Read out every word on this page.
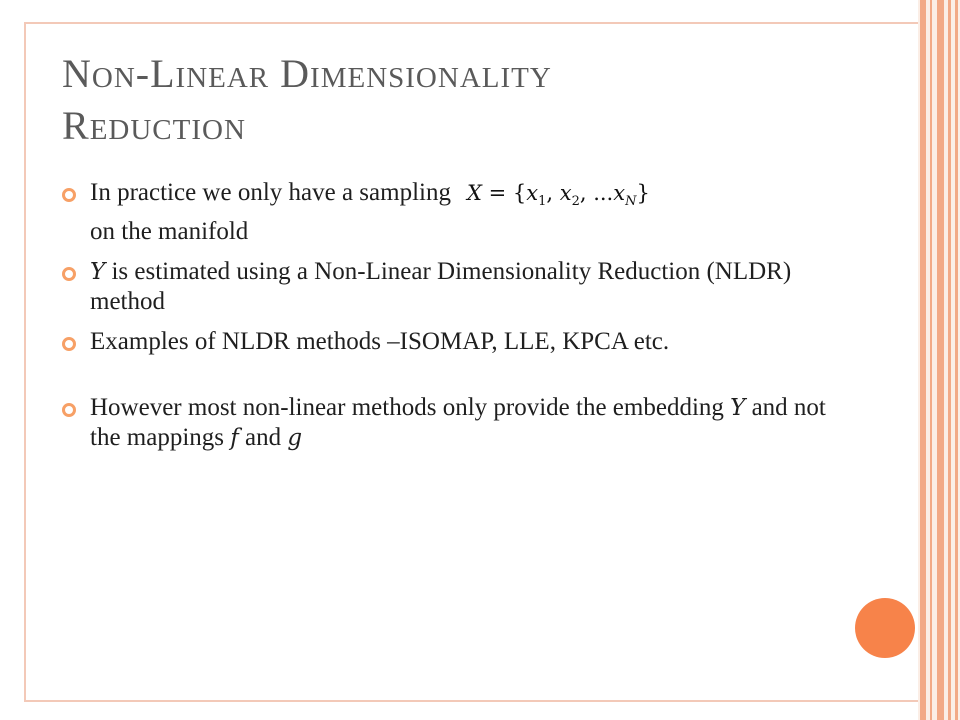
NON-LINEAR DIMENSIONALITY
REDUCTION
In practice we only have a sampling $X = \{x_1$, $x_2$, $...x_N$}
on the manifold
Y is estimated using a Non-Linear Dimensionality Reduction (NLDR) method
Examples of NLDR methods –ISOMAP, LLE, KPCA etc.
However most non-linear methods only provide the embedding Y and not the mappings f and g
